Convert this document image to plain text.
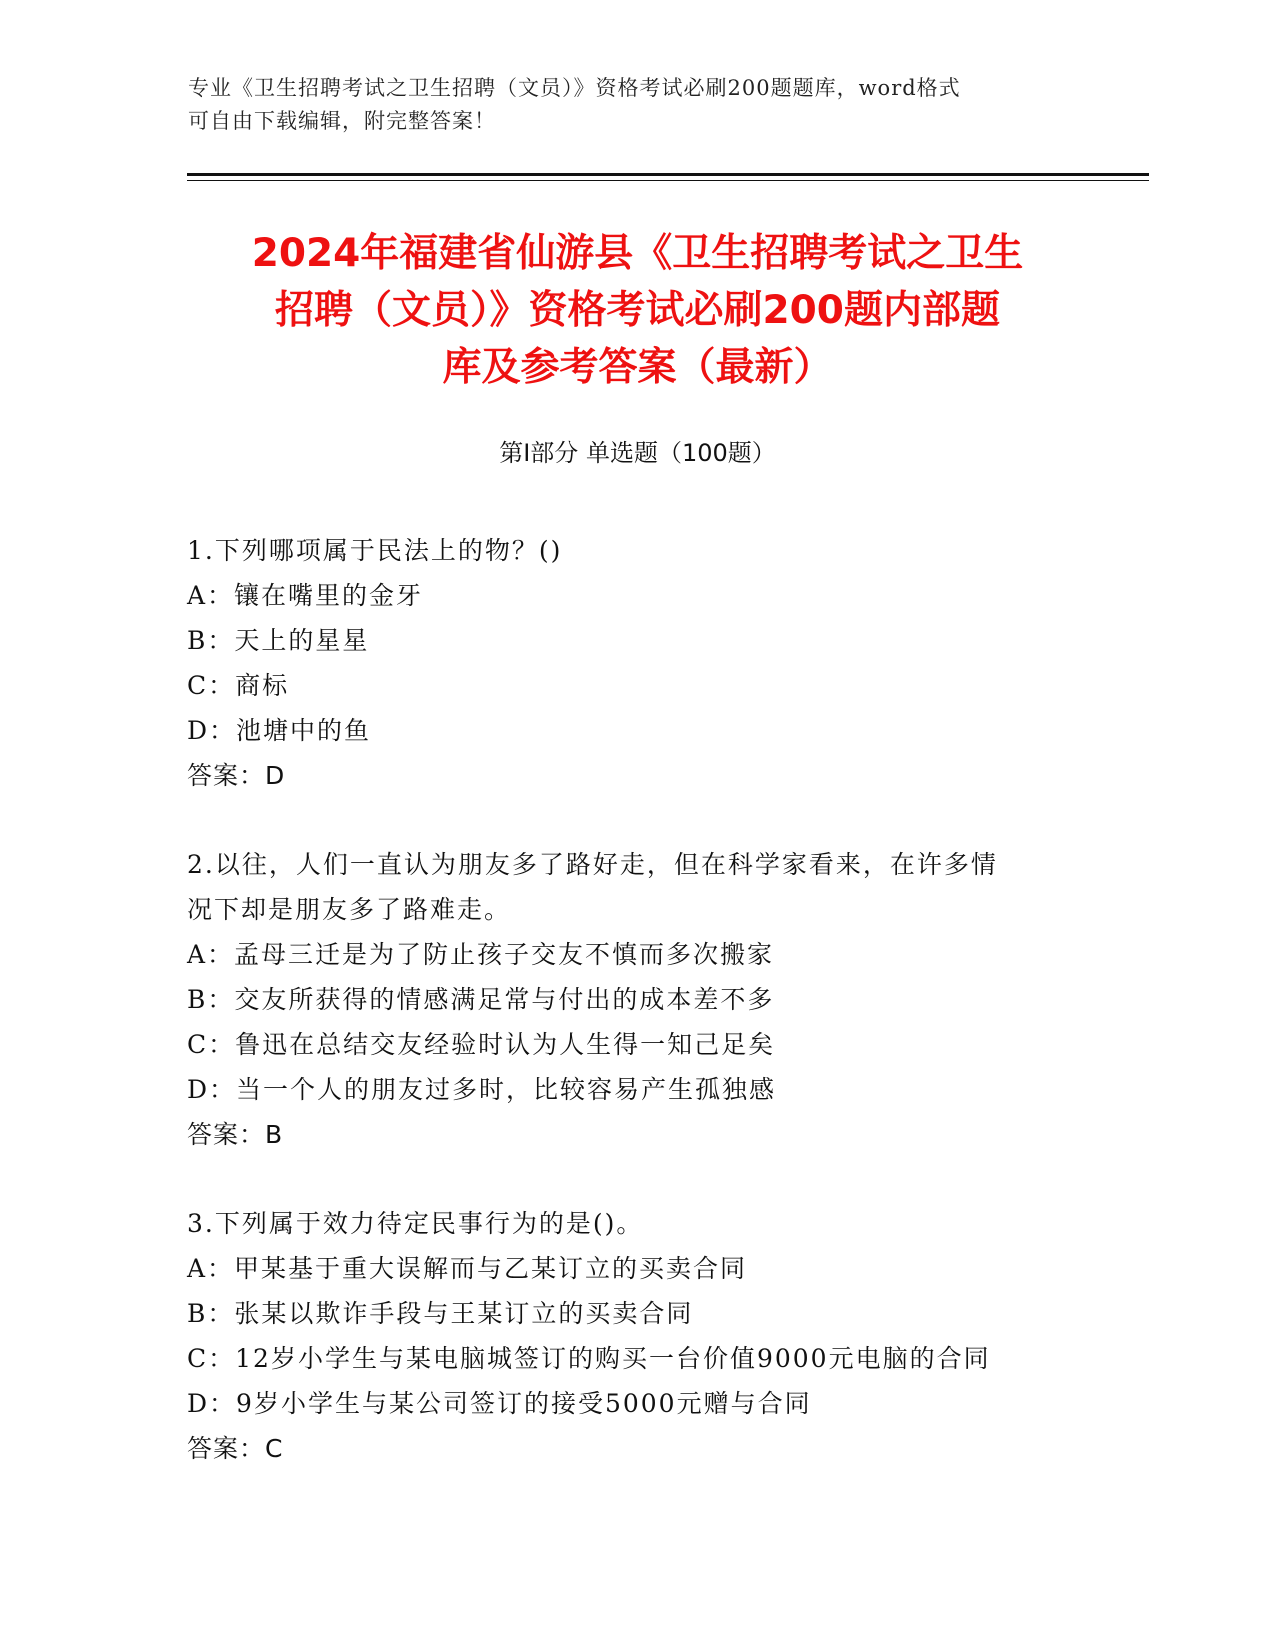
专业《卫生招聘考试之卫生招聘（文员）》资格考试必刷200题题库，word格式
可自由下载编辑，附完整答案！
2024年福建省仙游县《卫生招聘考试之卫生
招聘（文员）》资格考试必刷200题内部题
库及参考答案（最新）
第Ⅰ部分 单选题（100题）
1.下列哪项属于民法上的物？()
A：镶在嘴里的金牙
B：天上的星星
C：商标
D：池塘中的鱼
答案：D
2.以往，人们一直认为朋友多了路好走，但在科学家看来，在许多情
况下却是朋友多了路难走。
A：孟母三迁是为了防止孩子交友不慎而多次搬家
B：交友所获得的情感满足常与付出的成本差不多
C：鲁迅在总结交友经验时认为人生得一知己足矣
D：当一个人的朋友过多时，比较容易产生孤独感
答案：B
3.下列属于效力待定民事行为的是()。
A：甲某基于重大误解而与乙某订立的买卖合同
B：张某以欺诈手段与王某订立的买卖合同
C：12岁小学生与某电脑城签订的购买一台价值9000元电脑的合同
D：9岁小学生与某公司签订的接受5000元赠与合同
答案：C
